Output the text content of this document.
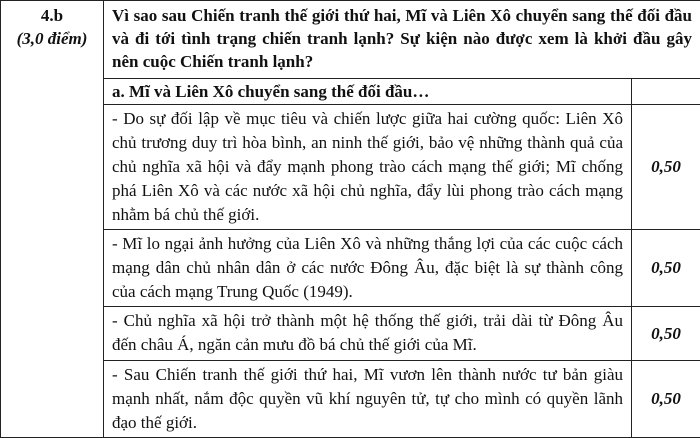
4.b
(3,0 điểm)	Vì sao sau Chiến tranh thế giới thứ hai, Mĩ và Liên Xô chuyển sang thế đối đầu và đi tới tình trạng chiến tranh lạnh? Sự kiện nào được xem là khởi đầu gây nên cuộc Chiến tranh lạnh?	
	a. Mĩ và Liên Xô chuyển sang thế đối đầu…	
	- Do sự đối lập về mục tiêu và chiến lược giữa hai cường quốc: Liên Xô chủ trương duy trì hòa bình, an ninh thế giới, bảo vệ những thành quả của chủ nghĩa xã hội và đẩy mạnh phong trào cách mạng thế giới; Mĩ chống phá Liên Xô và các nước xã hội chủ nghĩa, đẩy lùi phong trào cách mạng nhằm bá chủ thế giới.	0,50
	- Mĩ lo ngại ảnh hưởng của Liên Xô và những thắng lợi của các cuộc cách mạng dân chủ nhân dân ở các nước Đông Âu, đặc biệt là sự thành công của cách mạng Trung Quốc (1949).	0,50
	- Chủ nghĩa xã hội trở thành một hệ thống thế giới, trải dài từ Đông Âu đến châu Á, ngăn cản mưu đồ bá chủ thế giới của Mĩ.	0,50
	- Sau Chiến tranh thế giới thứ hai, Mĩ vươn lên thành nước tư bản giàu mạnh nhất, nắm độc quyền vũ khí nguyên tử, tự cho mình có quyền lãnh đạo thế giới.	0,50
